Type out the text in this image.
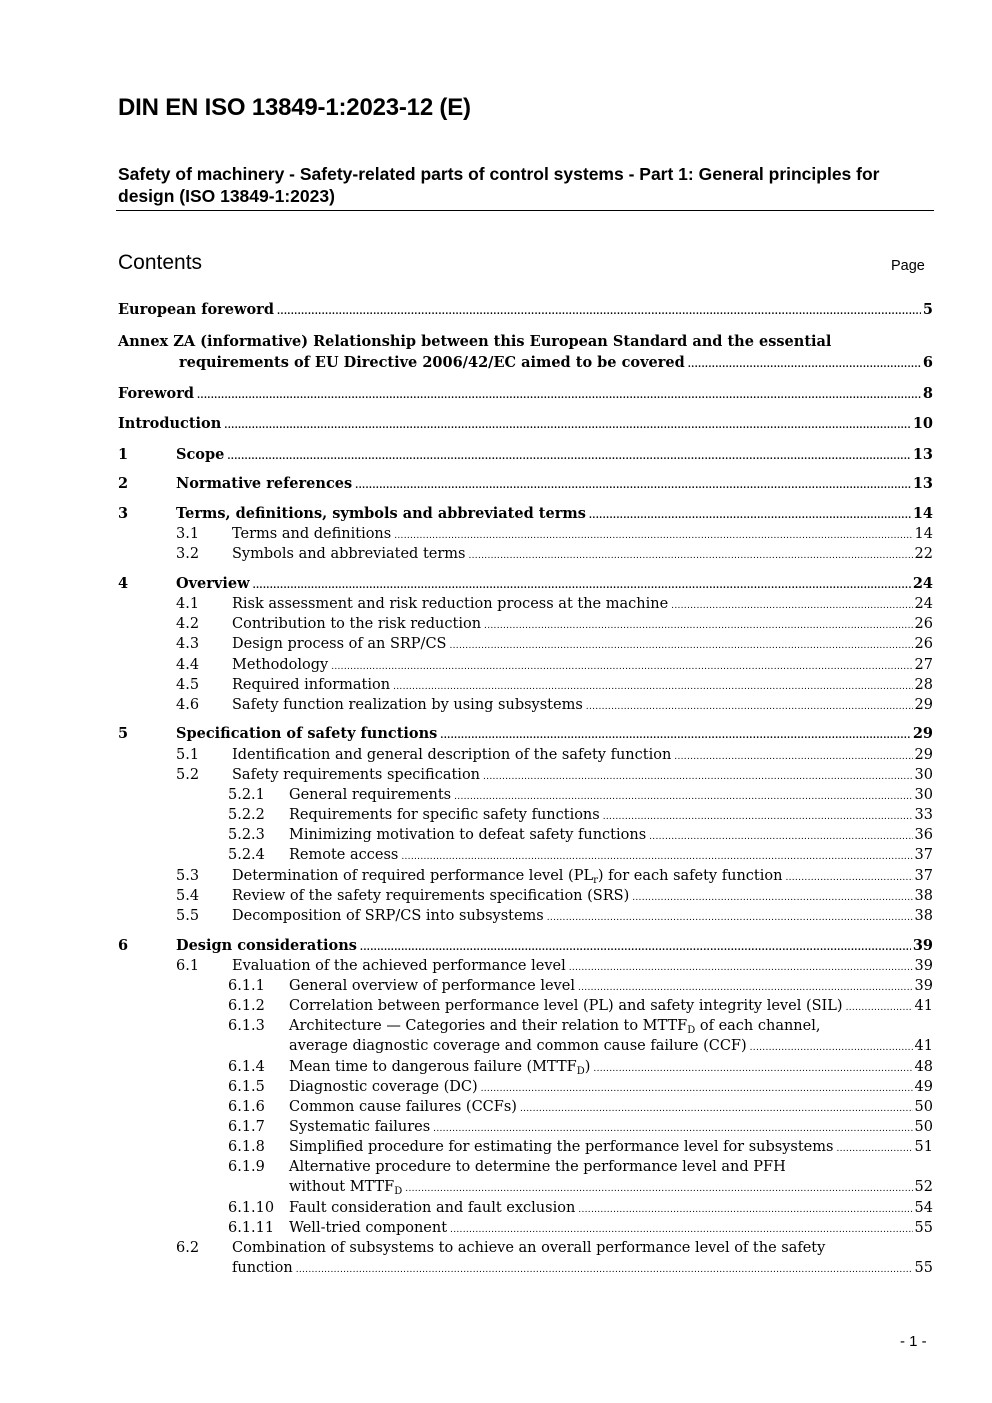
DIN EN ISO 13849-1:2023-12 (E)
Safety of machinery - Safety-related parts of control systems - Part 1: General principles for design (ISO 13849-1:2023)
Contents	Page
European foreword .....	5
Annex ZA (informative) Relationship between this European Standard and the essential
requirements of EU Directive 2006/42/EC aimed to be covered .....	6
Foreword .....	8
Introduction .....	10
1	Scope .....	13
2	Normative references .....	13
3	Terms, definitions, symbols and abbreviated terms .....	14
3.1 Terms and definitions .....	14
3.2 Symbols and abbreviated terms .....	22
4	Overview .....	24
4.1 Risk assessment and risk reduction process at the machine .....	24
4.2 Contribution to the risk reduction .....	26
4.3 Design process of an SRP/CS .....	26
4.4 Methodology .....	27
4.5 Required information .....	28
4.6 Safety function realization by using subsystems .....	29
5	Specification of safety functions .....	29
5.1 Identification and general description of the safety function .....	29
5.2 Safety requirements specification .....	30
5.2.1 General requirements .....	30
5.2.2 Requirements for specific safety functions .....	33
5.2.3 Minimizing motivation to defeat safety functions .....	36
5.2.4 Remote access .....	37
5.3 Determination of required performance level $(PL_r)$ for each safety function .....	37
5.4 Review of the safety requirements specification (SRS) .....	38
5.5 Decomposition of SRP/CS into subsystems .....	38
6	Design considerations .....	39
6.1 Evaluation of the achieved performance level .....	39
6.1.1 General overview of performance level .....	39
6.1.2 Correlation between performance level (PL) and safety integrity level (SIL) .....	41
6.1.3 Architecture — Categories and their relation to $MTTF_D$ of each channel,
average diagnostic coverage and common cause failure (CCF) .....	41
6.1.4 Mean time to dangerous failure $(MTTF_D)$ .....	48
6.1.5 Diagnostic coverage (DC) .....	49
6.1.6 Common cause failures (CCFs) .....	50
6.1.7 Systematic failures .....	50
6.1.8 Simplified procedure for estimating the performance level for subsystems .....	51
6.1.9 Alternative procedure to determine the performance level and PFH
without $MTTF_D$ .....	52
6.1.10 Fault consideration and fault exclusion .....	54
6.1.11 Well-tried component .....	55
6.2 Combination of subsystems to achieve an overall performance level of the safety
function .....	55
- 1 -
